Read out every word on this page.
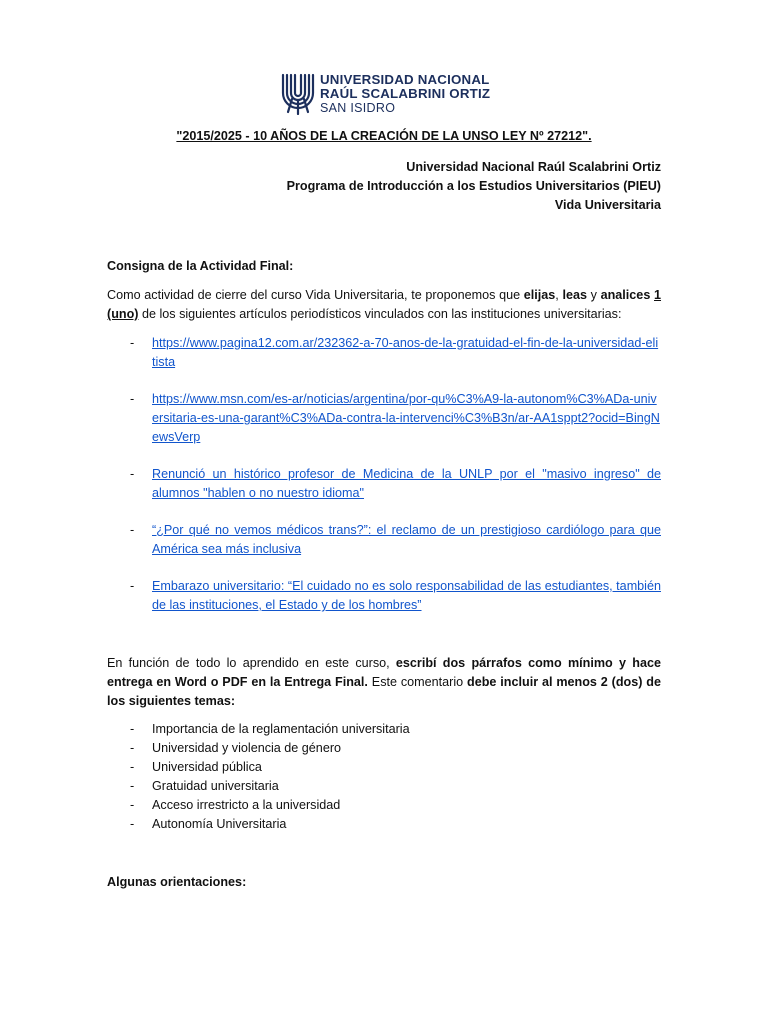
UNIVERSIDAD NACIONAL
RAÚL SCALABRINI ORTIZ
SAN ISIDRO
"2015/2025 - 10 AÑOS DE LA CREACIÓN DE LA UNSO LEY Nº 27212".
Universidad Nacional Raúl Scalabrini Ortiz
Programa de Introducción a los Estudios Universitarios (PIEU)
Vida Universitaria
Consigna de la Actividad Final:

Como actividad de cierre del curso Vida Universitaria, te proponemos que elijas, leas y analices 1 (uno) de los siguientes artículos periodísticos vinculados con las instituciones universitarias:

- https://www.pagina12.com.ar/232362-a-70-anos-de-la-gratuidad-el-fin-de-la-universidad-elitista
- https://www.msn.com/es-ar/noticias/argentina/por-qu%C3%A9-la-autonom%C3%ADa-universitaria-es-una-garant%C3%ADa-contra-la-intervenci%C3%B3n/ar-AA1sppt2?ocid=BingNewsVerp
- Renunció un histórico profesor de Medicina de la UNLP por el "masivo ingreso" de alumnos "hablen o no nuestro idioma"
- “¿Por qué no vemos médicos trans?”: el reclamo de un prestigioso cardiólogo para que América sea más inclusiva
- Embarazo universitario: “El cuidado no es solo responsabilidad de las estudiantes, también de las instituciones, el Estado y de los hombres”

En función de todo lo aprendido en este curso, escribí dos párrafos como mínimo y hace entrega en Word o PDF en la Entrega Final. Este comentario debe incluir al menos 2 (dos) de los siguientes temas:

- Importancia de la reglamentación universitaria
- Universidad y violencia de género
- Universidad pública
- Gratuidad universitaria
- Acceso irrestricto a la universidad
- Autonomía Universitaria
Algunas orientaciones:
